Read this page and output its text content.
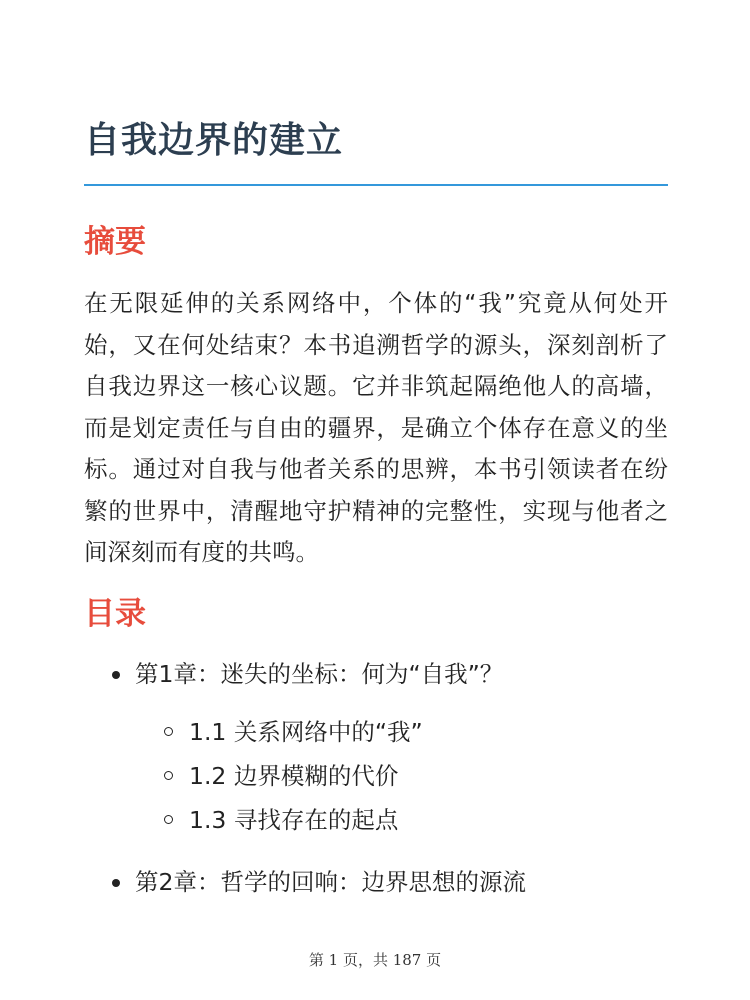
自我边界的建立
摘要

在无限延伸的关系网络中，个体的“我”究竟从何处开始，又在何处结束？本书追溯哲学的源头，深刻剖析了自我边界这一核心议题。它并非筑起隔绝他人的高墙，而是划定责任与自由的疆界，是确立个体存在意义的坐标。通过对自我与他者关系的思辨，本书引领读者在纷繁的世界中，清醒地守护精神的完整性，实现与他者之间深刻而有度的共鸣。

目录
第1章：迷失的坐标：何为“自我”？
1.1 关系网络中的“我”
1.2 边界模糊的代价
1.3 寻找存在的起点
第2章：哲学的回响：边界思想的源流
第 1 页，共 187 页
